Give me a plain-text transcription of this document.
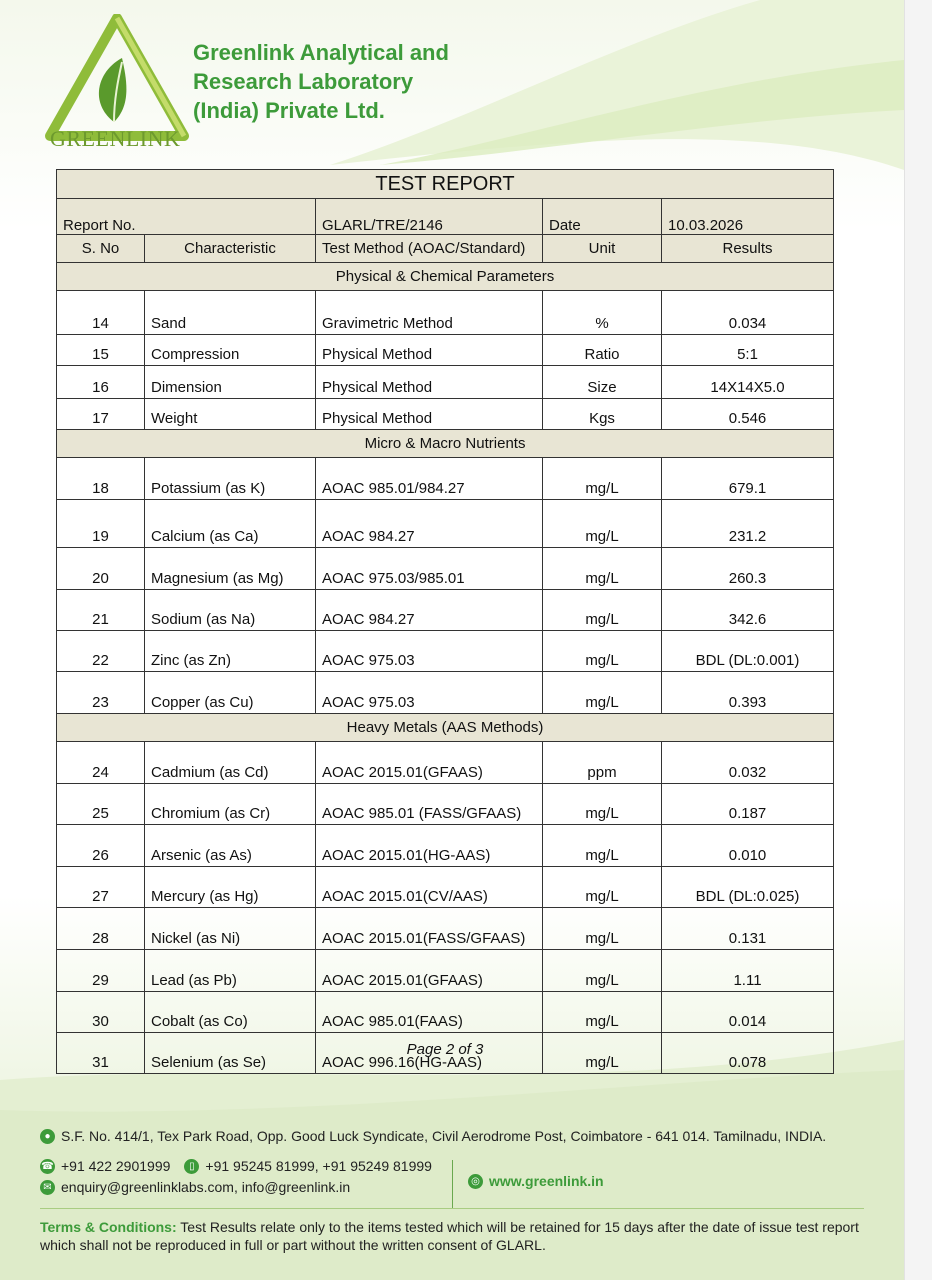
GREENLINK
Greenlink Analytical and
Research Laboratory
(India) Private Ltd.
TEST REPORT				
Report No.		GLARL/TRE/2146	Date	10.03.2026
S. No	Characteristic	Test Method (AOAC/Standard)	Unit	Results
Physical & Chemical Parameters				
14	Sand	Gravimetric Method	%	0.034
15	Compression	Physical Method	Ratio	5:1
16	Dimension	Physical Method	Size	14X14X5.0
17	Weight	Physical Method	Kgs	0.546
Micro & Macro Nutrients				
18	Potassium (as K)	AOAC 985.01/984.27	mg/L	679.1
19	Calcium (as Ca)	AOAC 984.27	mg/L	231.2
20	Magnesium (as Mg)	AOAC 975.03/985.01	mg/L	260.3
21	Sodium (as Na)	AOAC 984.27	mg/L	342.6
22	Zinc (as Zn)	AOAC 975.03	mg/L	BDL (DL:0.001)
23	Copper (as Cu)	AOAC 975.03	mg/L	0.393
Heavy Metals (AAS Methods)				
24	Cadmium (as Cd)	AOAC 2015.01(GFAAS)	ppm	0.032
25	Chromium (as Cr)	AOAC 985.01 (FASS/GFAAS)	mg/L	0.187
26	Arsenic (as As)	AOAC 2015.01(HG-AAS)	mg/L	0.010
27	Mercury (as Hg)	AOAC 2015.01(CV/AAS)	mg/L	BDL (DL:0.025)
28	Nickel (as Ni)	AOAC 2015.01(FASS/GFAAS)	mg/L	0.131
29	Lead (as Pb)	AOAC 2015.01(GFAAS)	mg/L	1.11
30	Cobalt (as Co)	AOAC 985.01(FAAS)	mg/L	0.014
31	Selenium (as Se)	AOAC 996.16(HG-AAS)	mg/L	0.078
Page 2 of 3
● S.F. No. 414/1, Tex Park Road, Opp. Good Luck Syndicate, Civil Aerodrome Post, Coimbatore - 641 014. Tamilnadu, INDIA.
☎ +91 422 2901999	▯ +91 95245 81999, +91 95249 81999
✉ enquiry@greenlinklabs.com, info@greenlink.in	◎ www.greenlink.in
Terms & Conditions: Test Results relate only to the items tested which will be retained for 15 days after the date of issue test report which shall not be reproduced in full or part without the written consent of GLARL.
